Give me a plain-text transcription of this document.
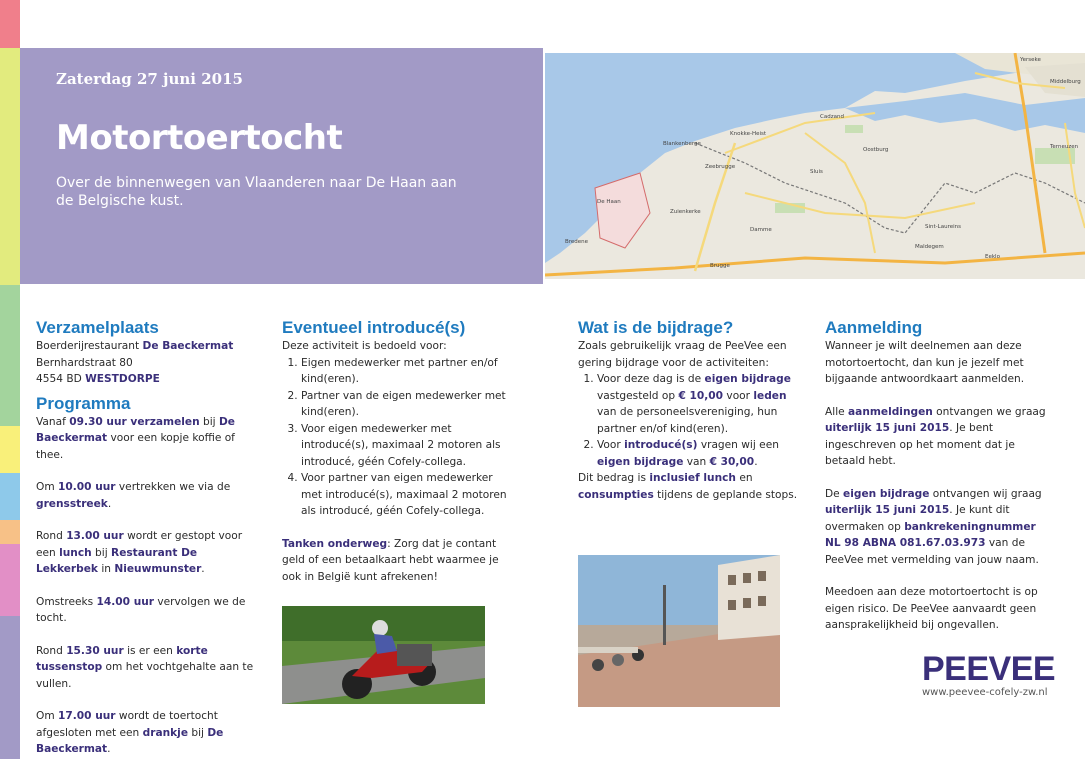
Zaterdag 27 juni 2015
Motortoertocht
Over de binnenwegen van Vlaanderen naar De Haan aan de Belgische kust.
Knokke-Heist
Blankenberge
De Haan
Brugge
Sluis
Cadzand
Oostburg
Zeebrugge
Damme
Maldegem
Eeklo
Terneuzen
Sint-Laureins
Bredene
Zuienkerke
Middelburg
Yerseke
Verzamelplaats

Boerderijrestaurant De Baeckermat

Bernhardstraat 80

4554 BD WESTDORPE

Programma

Vanaf 09.30 uur verzamelen bij De Baeckermat voor een kopje koffie of thee.

Om 10.00 uur vertrekken we via de grensstreek.

Rond 13.00 uur wordt er gestopt voor een lunch bij Restaurant De Lekkerbek in Nieuwmunster.

Omstreeks 14.00 uur vervolgen we de tocht.

Rond 15.30 uur is er een korte tussenstop om het vochtgehalte aan te vullen.

Om 17.00 uur wordt de toertocht afgesloten met een drankje bij De Baeckermat.

Eventueel introducé(s)

Deze activiteit is bedoeld voor:

1. Eigen medewerker met partner en/of kind(eren).
2. Partner van de eigen medewerker met kind(eren).
3. Voor eigen medewerker met introducé(s), maximaal 2 motoren als introducé, géén Cofely-collega.
4. Voor partner van eigen medewerker met introducé(s), maximaal 2 motoren als introducé, géén Cofely-collega.

Tanken onderweg: Zorg dat je contant geld of een betaalkaart hebt waarmee je ook in België kunt afrekenen!

Wat is de bijdrage?

Zoals gebruikelijk vraag de PeeVee een gering bijdrage voor de activiteiten:

1. Voor deze dag is de eigen bijdrage vastgesteld op € 10,00 voor leden van de personeelsvereniging, hun partner en/of kind(eren).
2. Voor introducé(s) vragen wij een eigen bijdrage van € 30,00.

Dit bedrag is inclusief lunch en consumpties tijdens de geplande stops.

Aanmelding

Wanneer je wilt deelnemen aan deze motortoertocht, dan kun je jezelf met bijgaande antwoordkaart aanmelden.

Alle aanmeldingen ontvangen we graag uiterlijk 15 juni 2015. Je bent ingeschreven op het moment dat je betaald hebt.

De eigen bijdrage ontvangen wij graag uiterlijk 15 juni 2015. Je kunt dit overmaken op bankrekeningnummer NL 98 ABNA 081.67.03.973 van de PeeVee met vermelding van jouw naam.

Meedoen aan deze motortoertocht is op eigen risico. De PeeVee aanvaardt geen aansprakelijkheid bij ongevallen.

PEEVEE
www.peevee-cofely-zw.nl
